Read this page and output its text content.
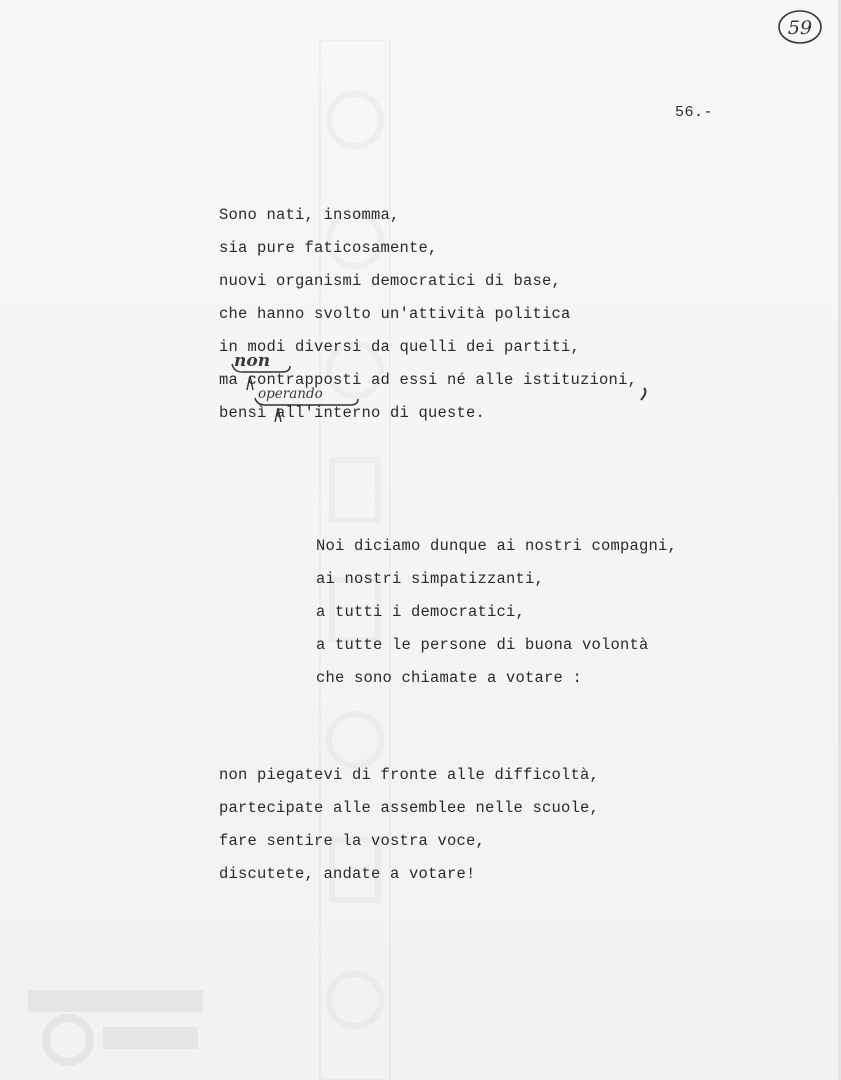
59
56.-
Sono nati, insomma,
sia pure faticosamente,
nuovi organismi democratici di base,
che hanno svolto un'attività politica
in modi diversi da quelli dei partiti,
ma contrapposti ad essi né alle istituzioni,
bensì all'interno di queste.
non
operando
Noi diciamo dunque ai nostri compagni,
ai nostri simpatizzanti,
a tutti i democratici,
a tutte le persone di buona volontà
che sono chiamate a votare :
non piegatevi di fronte alle difficoltà,
partecipate alle assemblee nelle scuole,
fare sentire la vostra voce,
discutete, andate a votare!
